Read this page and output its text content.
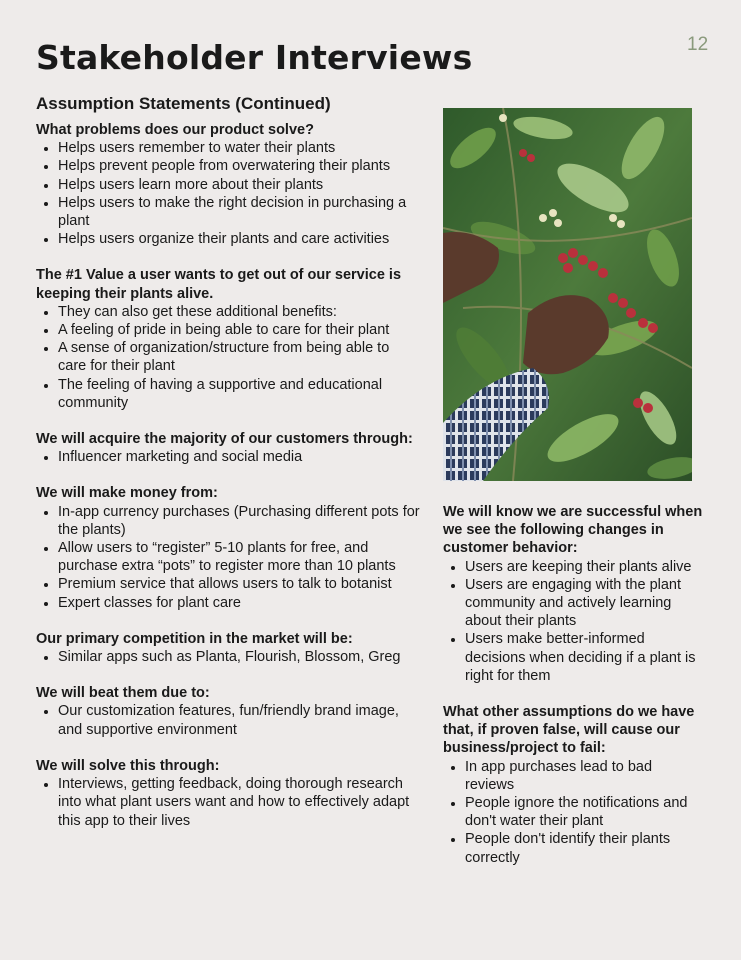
12
Stakeholder Interviews
Assumption Statements (Continued)
What problems does our product solve?
• Helps users remember to water their plants
• Helps prevent people from overwatering their plants
• Helps users learn more about their plants
• Helps users to make the right decision in purchasing a plant
• Helps users organize their plants and care activities
The #1 Value a user wants to get out of our service is keeping their plants alive.
• They can also get these additional benefits:
• A feeling of pride in being able to care for their plant
• A sense of organization/structure from being able to care for their plant
• The feeling of having a supportive and educational community
We will acquire the majority of our customers through:
• Influencer marketing and social media
We will make money from:
• In-app currency purchases (Purchasing different pots for the plants)
• Allow users to “register” 5-10 plants for free, and purchase extra “pots” to register more than 10 plants
• Premium service that allows users to talk to botanist
• Expert classes for plant care
Our primary competition in the market will be:
• Similar apps such as Planta, Flourish, Blossom, Greg
We will beat them due to:
• Our customization features, fun/friendly brand image, and supportive environment
We will solve this through:
• Interviews, getting feedback, doing thorough research into what plant users want and how to effectively adapt this app to their lives
We will know we are successful when we see the following changes in customer behavior:
• Users are keeping their plants alive
• Users are engaging with the plant community and actively learning about their plants
• Users make better-informed decisions when deciding if a plant is right for them
What other assumptions do we have that, if proven false, will cause our business/project to fail:
• In app purchases lead to bad reviews
• People ignore the notifications and don't water their plant
• People don't identify their plants correctly
